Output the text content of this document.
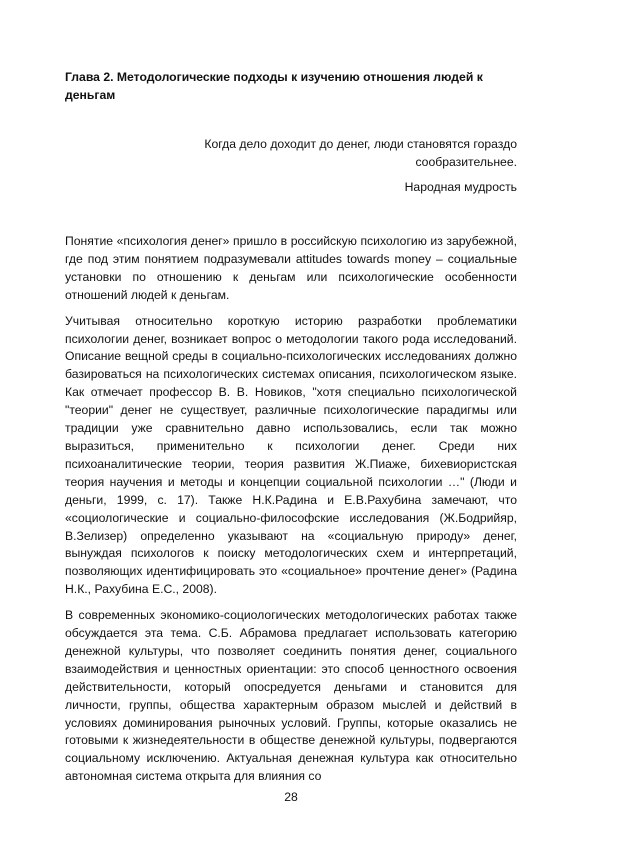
Глава 2. Методологические подходы к изучению отношения людей к деньгам

Когда дело доходит до денег, люди становятся гораздо сообразительнее.

Народная мудрость

Понятие «психология денег» пришло в российскую психологию из зарубежной, где под этим понятием подразумевали attitudes towards money – социальные установки по отношению к деньгам или психологические особенности отношений людей к деньгам.

Учитывая относительно короткую историю разработки проблематики психологии денег, возникает вопрос о методологии такого рода исследований. Описание вещной среды в социально-психологических исследованиях должно базироваться на психологических системах описания, психологическом языке. Как отмечает профессор В. В. Новиков, "хотя специально психологической "теории" денег не существует, различные психологические парадигмы или традиции уже сравнительно давно использовались, если так можно выразиться, применительно к психологии денег. Среди них психоаналитические теории, теория развития Ж.Пиаже, бихевиористская теория научения и методы и концепции социальной психологии …" (Люди и деньги, 1999, с. 17). Также Н.К.Радина и Е.В.Рахубина замечают, что «социологические и социально-философские исследования (Ж.Бодрийяр, В.Зелизер) определенно указывают на «социальную природу» денег, вынуждая психологов к поиску методологических схем и интерпретаций, позволяющих идентифицировать это «социальное» прочтение денег» (Радина Н.К., Рахубина Е.С., 2008).

В современных экономико-социологических методологических работах также обсуждается эта тема. С.Б. Абрамова предлагает использовать категорию денежной культуры, что позволяет соединить понятия денег, социального взаимодействия и ценностных ориентации: это способ ценностного освоения действительности, который опосредуется деньгами и становится для личности, группы, общества характерным образом мыслей и действий в условиях доминирования рыночных условий. Группы, которые оказались не готовыми к жизнедеятельности в обществе денежной культуры, подвергаются социальному исключению. Актуальная денежная культура как относительно автономная система открыта для влияния со

28
